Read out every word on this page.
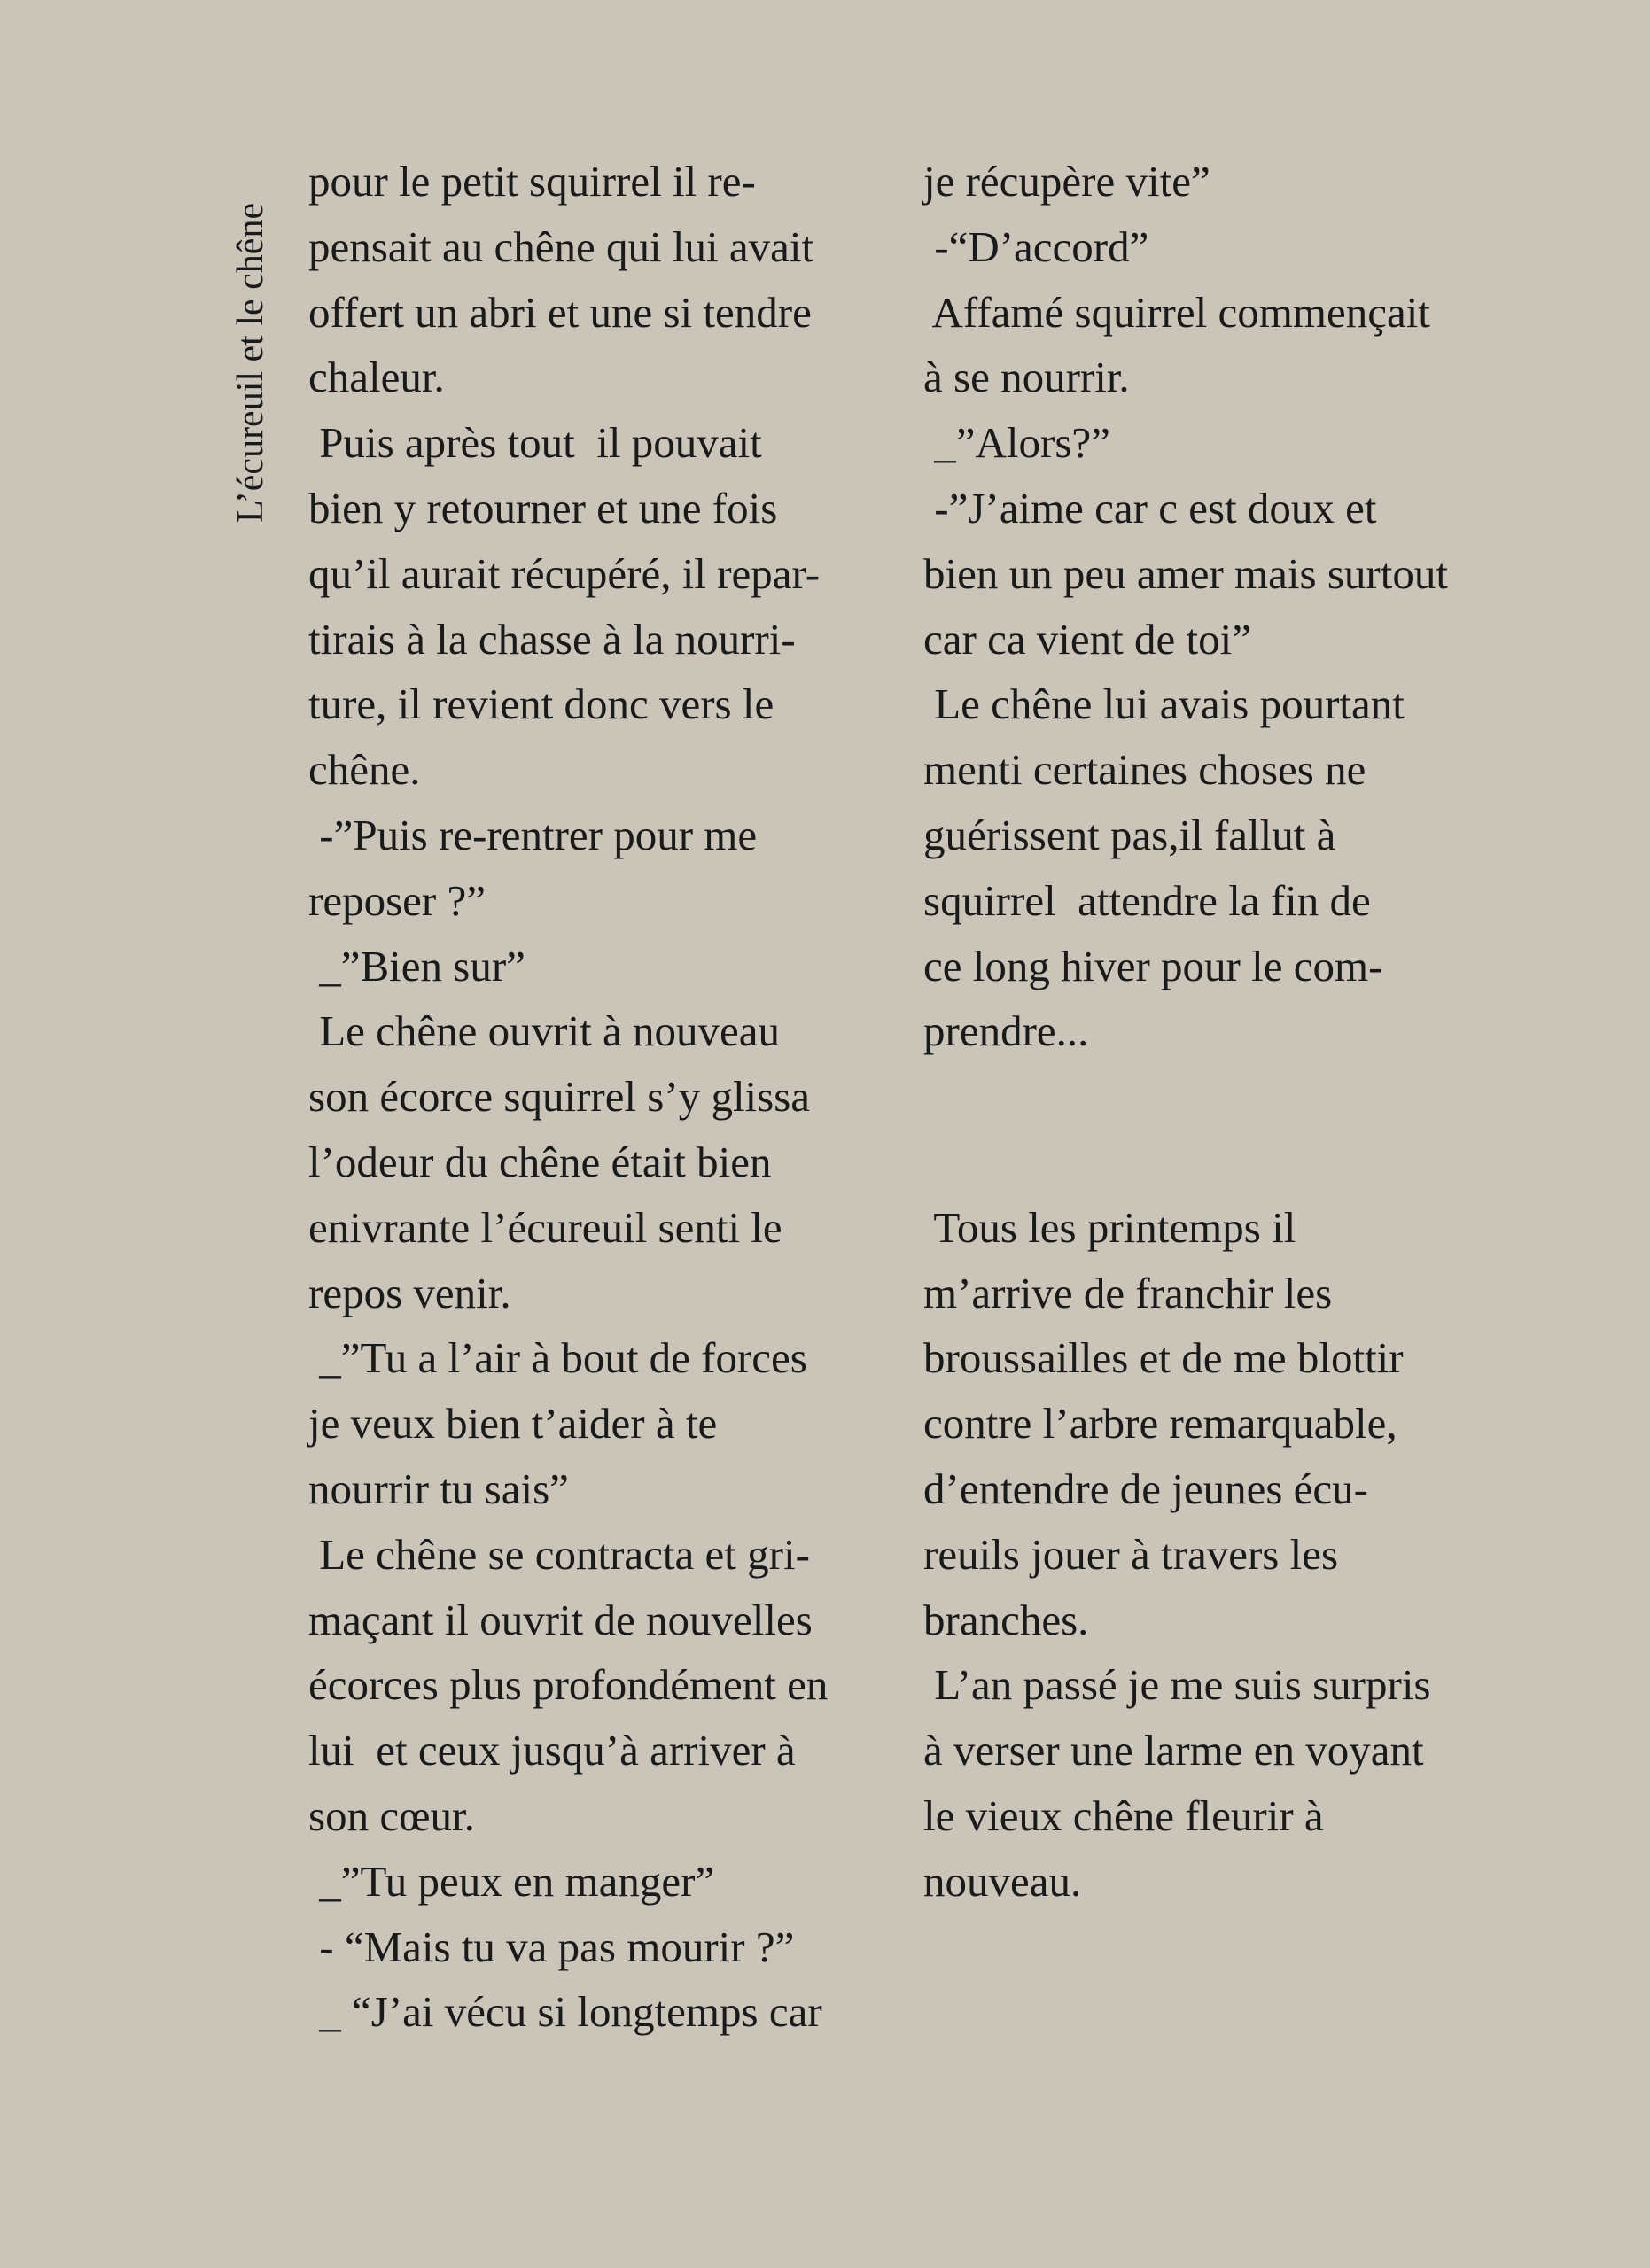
L’écureuil et le chêne
pour le petit squirrel il re-
pensait au chêne qui lui avait
offert un abri et une si tendre
chaleur.
Puis après tout  il pouvait
bien y retourner et une fois
qu’il aurait récupéré, il repar-
tirais à la chasse à la nourri-
ture, il revient donc vers le
chêne.
-”Puis re-rentrer pour me
reposer ?”
_”Bien sur”
Le chêne ouvrit à nouveau
son écorce squirrel s’y glissa
l’odeur du chêne était bien
enivrante l’écureuil senti le
repos venir.
_”Tu a l’air à bout de forces
je veux bien t’aider à te
nourrir tu sais”
Le chêne se contracta et gri-
maçant il ouvrit de nouvelles
écorces plus profondément en
lui  et ceux jusqu’à arriver à
son cœur.
_”Tu peux en manger”
- “Mais tu va pas mourir ?”
_ “J’ai vécu si longtemps car
je récupère vite”
-“D’accord”
Affamé squirrel commençait
à se nourrir.
_”Alors?”
-”J’aime car c est doux et
bien un peu amer mais surtout
car ca vient de toi”
Le chêne lui avais pourtant
menti certaines choses ne
guérissent pas,il fallut à
squirrel  attendre la fin de
ce long hiver pour le com-
prendre...
Tous les printemps il
m’arrive de franchir les
broussailles et de me blottir
contre l’arbre remarquable,
d’entendre de jeunes écu-
reuils jouer à travers les
branches.
L’an passé je me suis surpris
à verser une larme en voyant
le vieux chêne fleurir à
nouveau.
